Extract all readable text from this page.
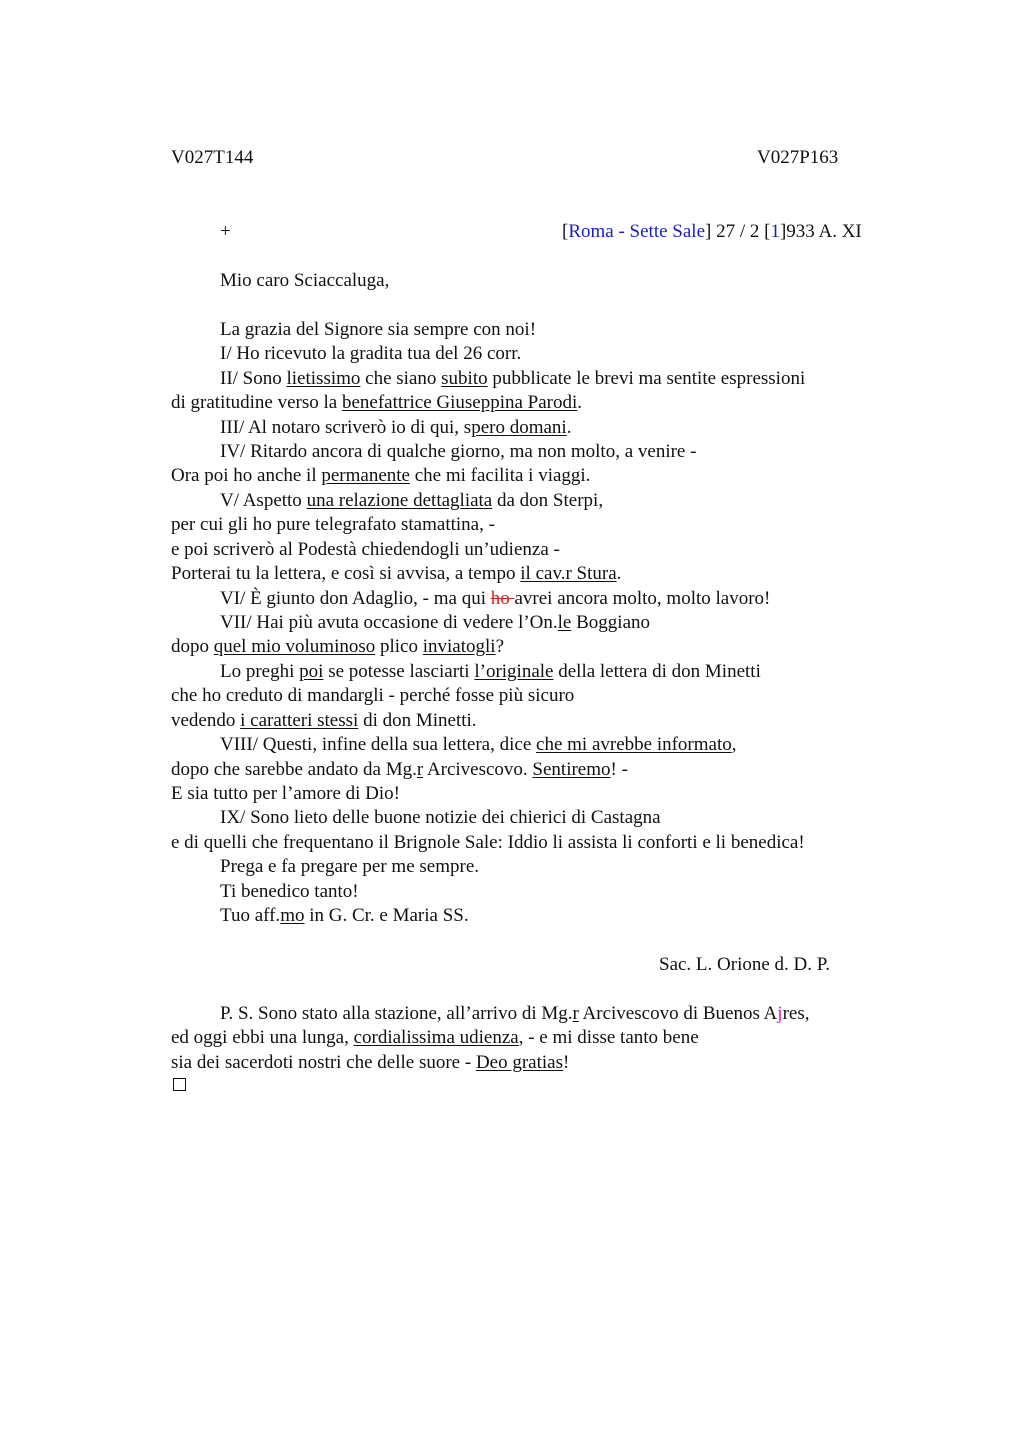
V027T144	V027P163
+	[Roma - Sette Sale] 27 / 2 [1]933 A. XI
Mio caro Sciaccaluga,
La grazia del Signore sia sempre con noi!
I/ Ho ricevuto la gradita tua del 26 corr.
II/ Sono lietissimo che siano subito pubblicate le brevi ma sentite espressioni
di gratitudine verso la benefattrice Giuseppina Parodi.
III/ Al notaro scriverò io di qui, spero domani.
IV/ Ritardo ancora di qualche giorno, ma non molto, a venire -
Ora poi ho anche il permanente che mi facilita i viaggi.
V/ Aspetto una relazione dettagliata da don Sterpi,
per cui gli ho pure telegrafato stamattina, -
e poi scriverò al Podestà chiedendogli un’udienza -
Porterai tu la lettera, e così si avvisa, a tempo il cav.r Stura.
VI/ È giunto don Adaglio, - ma qui ho avrei ancora molto, molto lavoro!
VII/ Hai più avuta occasione di vedere l’On.le Boggiano
dopo quel mio voluminoso plico inviatogli?
Lo preghi poi se potesse lasciarti l’originale della lettera di don Minetti
che ho creduto di mandargli - perché fosse più sicuro
vedendo i caratteri stessi di don Minetti.
VIII/ Questi, infine della sua lettera, dice che mi avrebbe informato,
dopo che sarebbe andato da Mg.r Arcivescovo. Sentiremo! -
E sia tutto per l’amore di Dio!
IX/ Sono lieto delle buone notizie dei chierici di Castagna
e di quelli che frequentano il Brignole Sale: Iddio li assista li conforti e li benedica!
Prega e fa pregare per me sempre.
Ti benedico tanto!
Tuo aff.mo in G. Cr. e Maria SS.
Sac. L. Orione d. D. P.
P. S. Sono stato alla stazione, all’arrivo di Mg.r Arcivescovo di Buenos Ajres,
ed oggi ebbi una lunga, cordialissima udienza, - e mi disse tanto bene
sia dei sacerdoti nostri che delle suore - Deo gratias!
